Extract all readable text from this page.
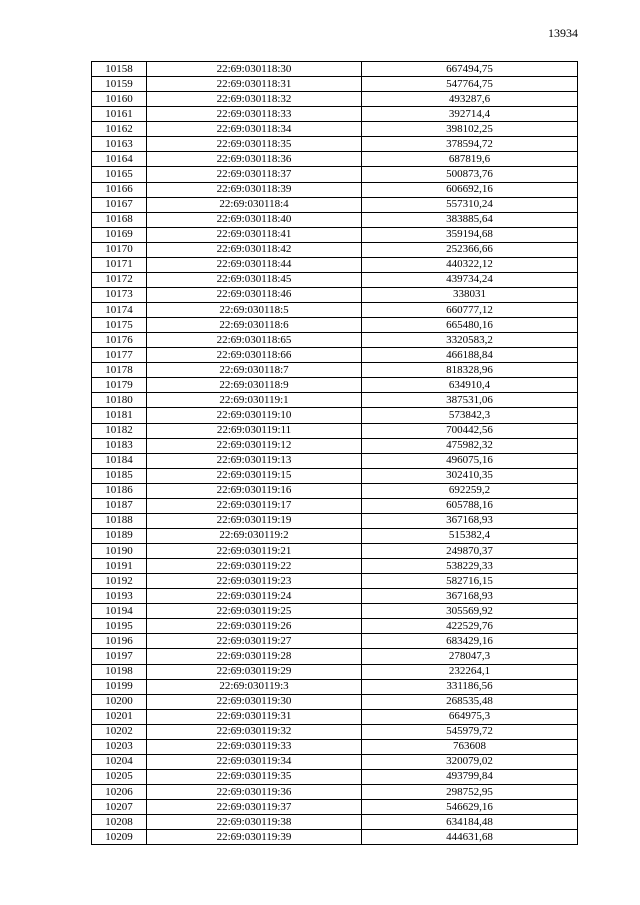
13934
10158	22:69:030118:30	667494,75
10159	22:69:030118:31	547764,75
10160	22:69:030118:32	493287,6
10161	22:69:030118:33	392714,4
10162	22:69:030118:34	398102,25
10163	22:69:030118:35	378594,72
10164	22:69:030118:36	687819,6
10165	22:69:030118:37	500873,76
10166	22:69:030118:39	606692,16
10167	22:69:030118:4	557310,24
10168	22:69:030118:40	383885,64
10169	22:69:030118:41	359194,68
10170	22:69:030118:42	252366,66
10171	22:69:030118:44	440322,12
10172	22:69:030118:45	439734,24
10173	22:69:030118:46	338031
10174	22:69:030118:5	660777,12
10175	22:69:030118:6	665480,16
10176	22:69:030118:65	3320583,2
10177	22:69:030118:66	466188,84
10178	22:69:030118:7	818328,96
10179	22:69:030118:9	634910,4
10180	22:69:030119:1	387531,06
10181	22:69:030119:10	573842,3
10182	22:69:030119:11	700442,56
10183	22:69:030119:12	475982,32
10184	22:69:030119:13	496075,16
10185	22:69:030119:15	302410,35
10186	22:69:030119:16	692259,2
10187	22:69:030119:17	605788,16
10188	22:69:030119:19	367168,93
10189	22:69:030119:2	515382,4
10190	22:69:030119:21	249870,37
10191	22:69:030119:22	538229,33
10192	22:69:030119:23	582716,15
10193	22:69:030119:24	367168,93
10194	22:69:030119:25	305569,92
10195	22:69:030119:26	422529,76
10196	22:69:030119:27	683429,16
10197	22:69:030119:28	278047,3
10198	22:69:030119:29	232264,1
10199	22:69:030119:3	331186,56
10200	22:69:030119:30	268535,48
10201	22:69:030119:31	664975,3
10202	22:69:030119:32	545979,72
10203	22:69:030119:33	763608
10204	22:69:030119:34	320079,02
10205	22:69:030119:35	493799,84
10206	22:69:030119:36	298752,95
10207	22:69:030119:37	546629,16
10208	22:69:030119:38	634184,48
10209	22:69:030119:39	444631,68
